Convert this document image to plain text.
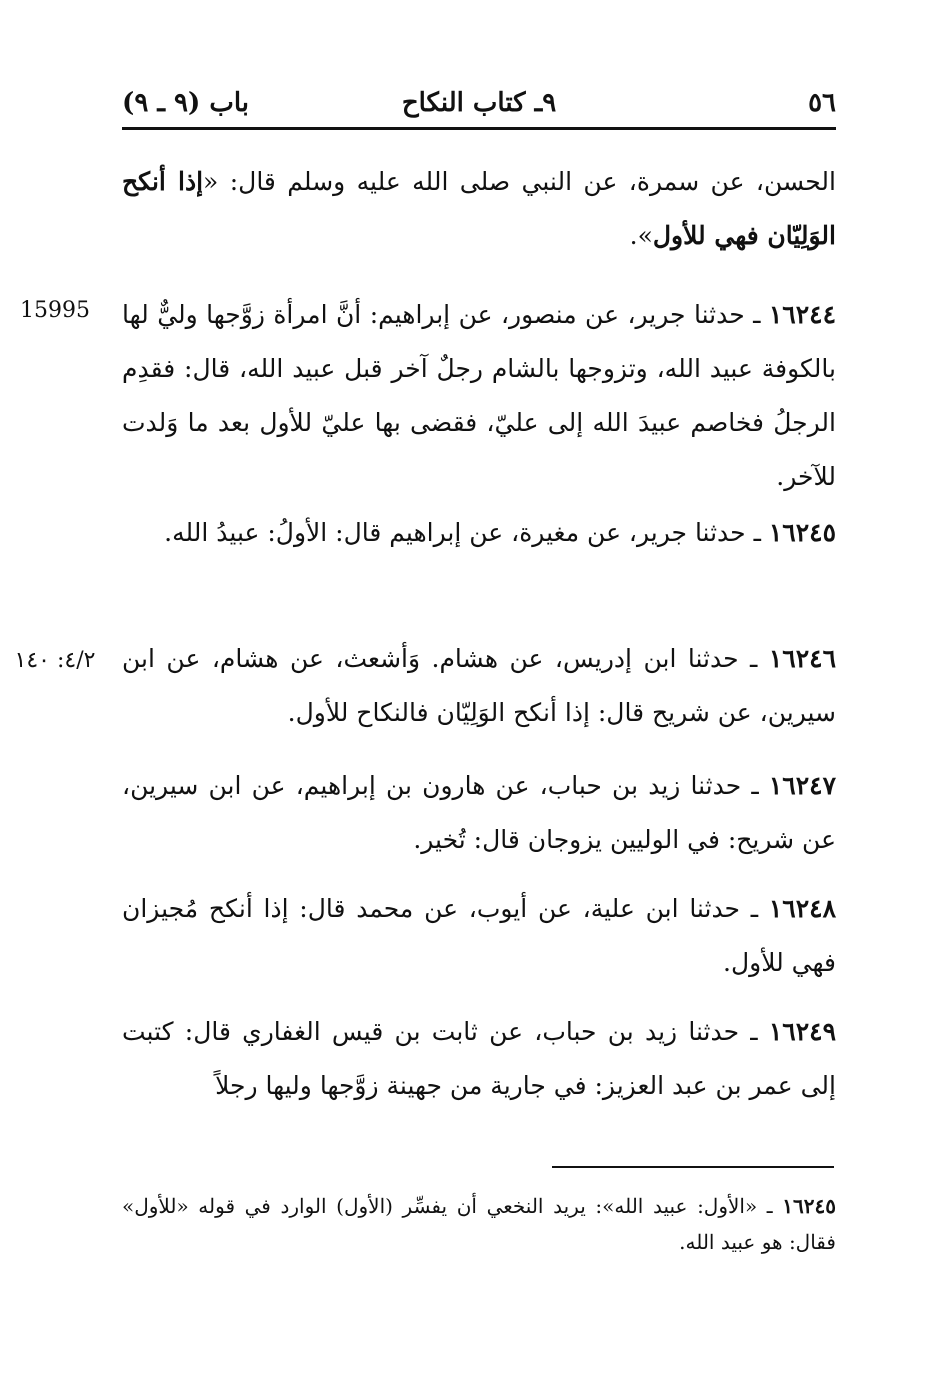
٥٦
٩ـ كتاب النكاح
باب (٩ ـ ٩)
الحسن، عن سمرة، عن النبي صلى الله عليه وسلم قال: «إذا أنكح الوَلِيّان فهي للأول».
15995	١٦٢٤٤ ـ حدثنا جرير، عن منصور، عن إبراهيم: أنَّ امرأة زوَّجها وليٌّ لها بالكوفة عبيد الله، وتزوجها بالشام رجلٌ آخر قبل عبيد الله، قال: فقدِم الرجلُ فخاصم عبيدَ الله إلى عليّ، فقضى بها عليّ للأول بعد ما وَلدت للآخر.
١٦٢٤٥ ـ حدثنا جرير، عن مغيرة، عن إبراهيم قال: الأولُ: عبيدُ الله.
٤/٢: ١٤٠	١٦٢٤٦ ـ حدثنا ابن إدريس، عن هشام. وَأشعث، عن هشام، عن ابن سيرين، عن شريح قال: إذا أنكح الوَلِيّان فالنكاح للأول.
١٦٢٤٧ ـ حدثنا زيد بن حباب، عن هارون بن إبراهيم، عن ابن سيرين، عن شريح: في الوليين يزوجان قال: تُخير.
١٦٢٤٨ ـ حدثنا ابن علية، عن أيوب، عن محمد قال: إذا أنكح مُجيزان فهي للأول.
١٦٢٤٩ ـ حدثنا زيد بن حباب، عن ثابت بن قيس الغفاري قال: كتبت إلى عمر بن عبد العزيز: في جارية من جهينة زوَّجها وليها رجلاً
١٦٢٤٥ ـ «الأول: عبيد الله»: يريد النخعي أن يفسِّر (الأول) الوارد في قوله «للأول» فقال: هو عبيد الله.
